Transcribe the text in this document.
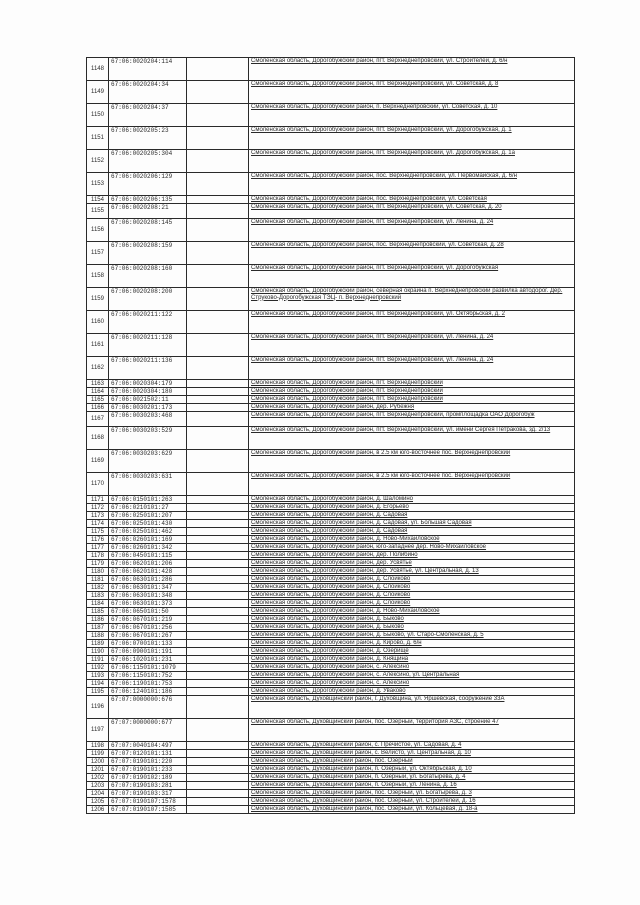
1148	67:06:0020204:114		Смоленская область, Дорогобужский район, пгт. Верхнеднепровский, ул. Строителей, д. 6/н
1149	67:06:0020204:34		Смоленская область, Дорогобужский район, пгт. Верхнеднепровский, ул. Советская, д. 8
1150	67:06:0020204:37		Смоленская область, Дорогобужский район, п. Верхнеднепровский, ул. Советская, д. 10
1151	67:06:0020205:23		Смоленская область, Дорогобужский район, пгт. Верхнеднепровский, ул. Дорогобужская, д. 1
1152	67:06:0020205:304		Смоленская область, Дорогобужский район, пгт. Верхнеднепровский, ул. Дорогобужская, д. 1а
1153	67:06:0020206:129		Смоленская область, Дорогобужский район, пос. Верхнеднепровский, ул. Первомайская, д. 6/н
1154	67:06:0020206:135		Смоленская область, Дорогобужский район, пос. Верхнеднепровский, ул. Советская
1155	67:06:0020208:21		Смоленская область, Дорогобужский район, пгт. Верхнеднепровский, ул. Советская, д. 20
1156	67:06:0020208:145		Смоленская область, Дорогобужский район, пгт. Верхнеднепровский, ул. Ленина, д. 24
1157	67:06:0020208:159		Смоленская область, Дорогобужский район, пос. Верхнеднепровский, ул. Советская, д. 28
1158	67:06:0020208:160		Смоленская область, Дорогобужский район, пгт. Верхнеднепровский, ул. Дорогобужская
1159	67:06:0020208:200		Смоленская область, Дорогобужский район, северная окраина п. Верхнеднепровский развилка автодорог. Дер. Струково-Дорогобужская ТЭЦ- п. Верхнеднепровский
1160	67:06:0020211:122		Смоленская область, Дорогобужский район, пгт. Верхнеднепровский, ул. Октябрьская, д. 2
1161	67:06:0020211:128		Смоленская область, Дорогобужский район, пгт. Верхнеднепровский, ул. Ленина, д. 24
1162	67:06:0020211:136		Смоленская область, Дорогобужский район, пгт. Верхнеднепровский, ул. Ленина, д. 24
1163	67:06:0020304:179		Смоленская область, Дорогобужский район, пгт. Верхнеднепровский
1164	67:06:0020304:180		Смоленская область, Дорогобужский район, пгт. Верхнеднепровский
1165	67:06:0021502:11		Смоленская область, Дорогобужский район, пгт. Верхнеднепровский
1166	67:06:0030201:173		Смоленская область, Дорогобужский район, дер. Рубежня
1167	67:06:0030203:468		Смоленская область, Дорогобужский район, пгт. Верхнеднепровский, промплощадка ОАО Дорогобуж
1168	67:06:0030203:529		Смоленская область, Дорогобужский район, пгт. Верхнеднепровский, ул. имени Сергея Петракова, зд. 2/13
1169	67:06:0030203:629		Смоленская область, Дорогобужский район, в 2.5 км юго-восточнее пос. Верхнеднепровский
1170	67:06:0030203:631		Смоленская область, Дорогобужский район, в 2.5 км юго-восточнее пос. Верхнеднепровский
1171	67:06:0150101:263		Смоленская область, Дорогобужский район, д. Шаломино
1172	67:06:0210101:27		Смоленская область, Дорогобужский район, д. Егорьево
1173	67:06:0250101:207		Смоленская область, Дорогобужский район, д. Садовая
1174	67:06:0250101:430		Смоленская область, Дорогобужский район, д. Садовая, ул. Большая Садовая
1175	67:06:0250101:462		Смоленская область, Дорогобужский район, д. Садовая
1176	67:06:0260101:169		Смоленская область, Дорогобужский район, д. Ново-Михайловское
1177	67:06:0260101:342		Смоленская область, Дорогобужский район, юго-западнее дер. Ново-Михайловское
1178	67:06:0450101:115		Смоленская область, Дорогобужский район, дер. Полибино
1179	67:06:0620101:206		Смоленская область, Дорогобужский район, дер. Усвятье
1180	67:06:0620101:428		Смоленская область, Дорогобужский район, дер. Усвятье, ул. Центральная, д. 13
1181	67:06:0630101:286		Смоленская область, Дорогобужский район, д. Слойково
1182	67:06:0630101:347		Смоленская область, Дорогобужский район, д. Слойково
1183	67:06:0630101:348		Смоленская область, Дорогобужский район, д. Слойково
1184	67:06:0630101:373		Смоленская область, Дорогобужский район, д. Слойково
1185	67:06:0650101:50		Смоленская область, Дорогобужский район, д. Ново-Михайловское
1186	67:06:0670101:219		Смоленская область, Дорогобужский район, д. Быково
1187	67:06:0670101:256		Смоленская область, Дорогобужский район, д. Быково
1188	67:06:0670101:267		Смоленская область, Дорогобужский район, д. Быково, ул. Старо-Смоленская, д. 5
1189	67:06:0700101:133		Смоленская область, Дорогобужский район, д. Кирово, д. 6/н
1190	67:06:0900101:191		Смоленская область, Дорогобужский район, д. Озерище
1191	67:06:1020101:231		Смоленская область, Дорогобужский район, д. Княщина
1192	67:06:1150101:1079		Смоленская область, Дорогобужский район, с. Алексино
1193	67:06:1150101:752		Смоленская область, Дорогобужский район, с. Алексино, ул. Центральная
1194	67:06:1190101:753		Смоленская область, Дорогобужский район, с. Алексино
1195	67:06:1240101:186		Смоленская область, Дорогобужский район, д. Уваково
1196	67:07:0000000:676		Смоленская область, Духовщинский район, г. Духовщина, ул. Яршевская, сооружение 33А
1197	67:07:0000000:677		Смоленская область, Духовщинский район, пос. Озерный, территория АЗС, строение 47
1198	67:07:0040104:497		Смоленская область, Духовщинский район, с. Пречистое, ул. Садовая, д. 4
1199	67:07:0120101:131		Смоленская область, Духовщинский район, с. Велисто, ул. Центральная, д. 10
1200	67:07:0190101:220		Смоленская область, Духовщинский район, пос. Озерный
1201	67:07:0190101:233		Смоленская область, Духовщинский район, п. Озерный, ул. Октябрьская, д. 10
1202	67:07:0190102:189		Смоленская область, Духовщинский район, п. Озерный, ул. Богатырева, д. 4
1203	67:07:0190103:281		Смоленская область, Духовщинский район, п. Озерный, ул. Ленина, д. 16
1204	67:07:0190103:317		Смоленская область, Духовщинский район, пос. Озерный, ул. Богатырева, д. 3
1205	67:07:0190107:1578		Смоленская область, Духовщинский район, пос. Озерный, ул. Строителей, д. 16
1206	67:07:0190107:1585		Смоленская область, Духовщинский район, пос. Озерный, ул. Кольцевая, д. 18-а
